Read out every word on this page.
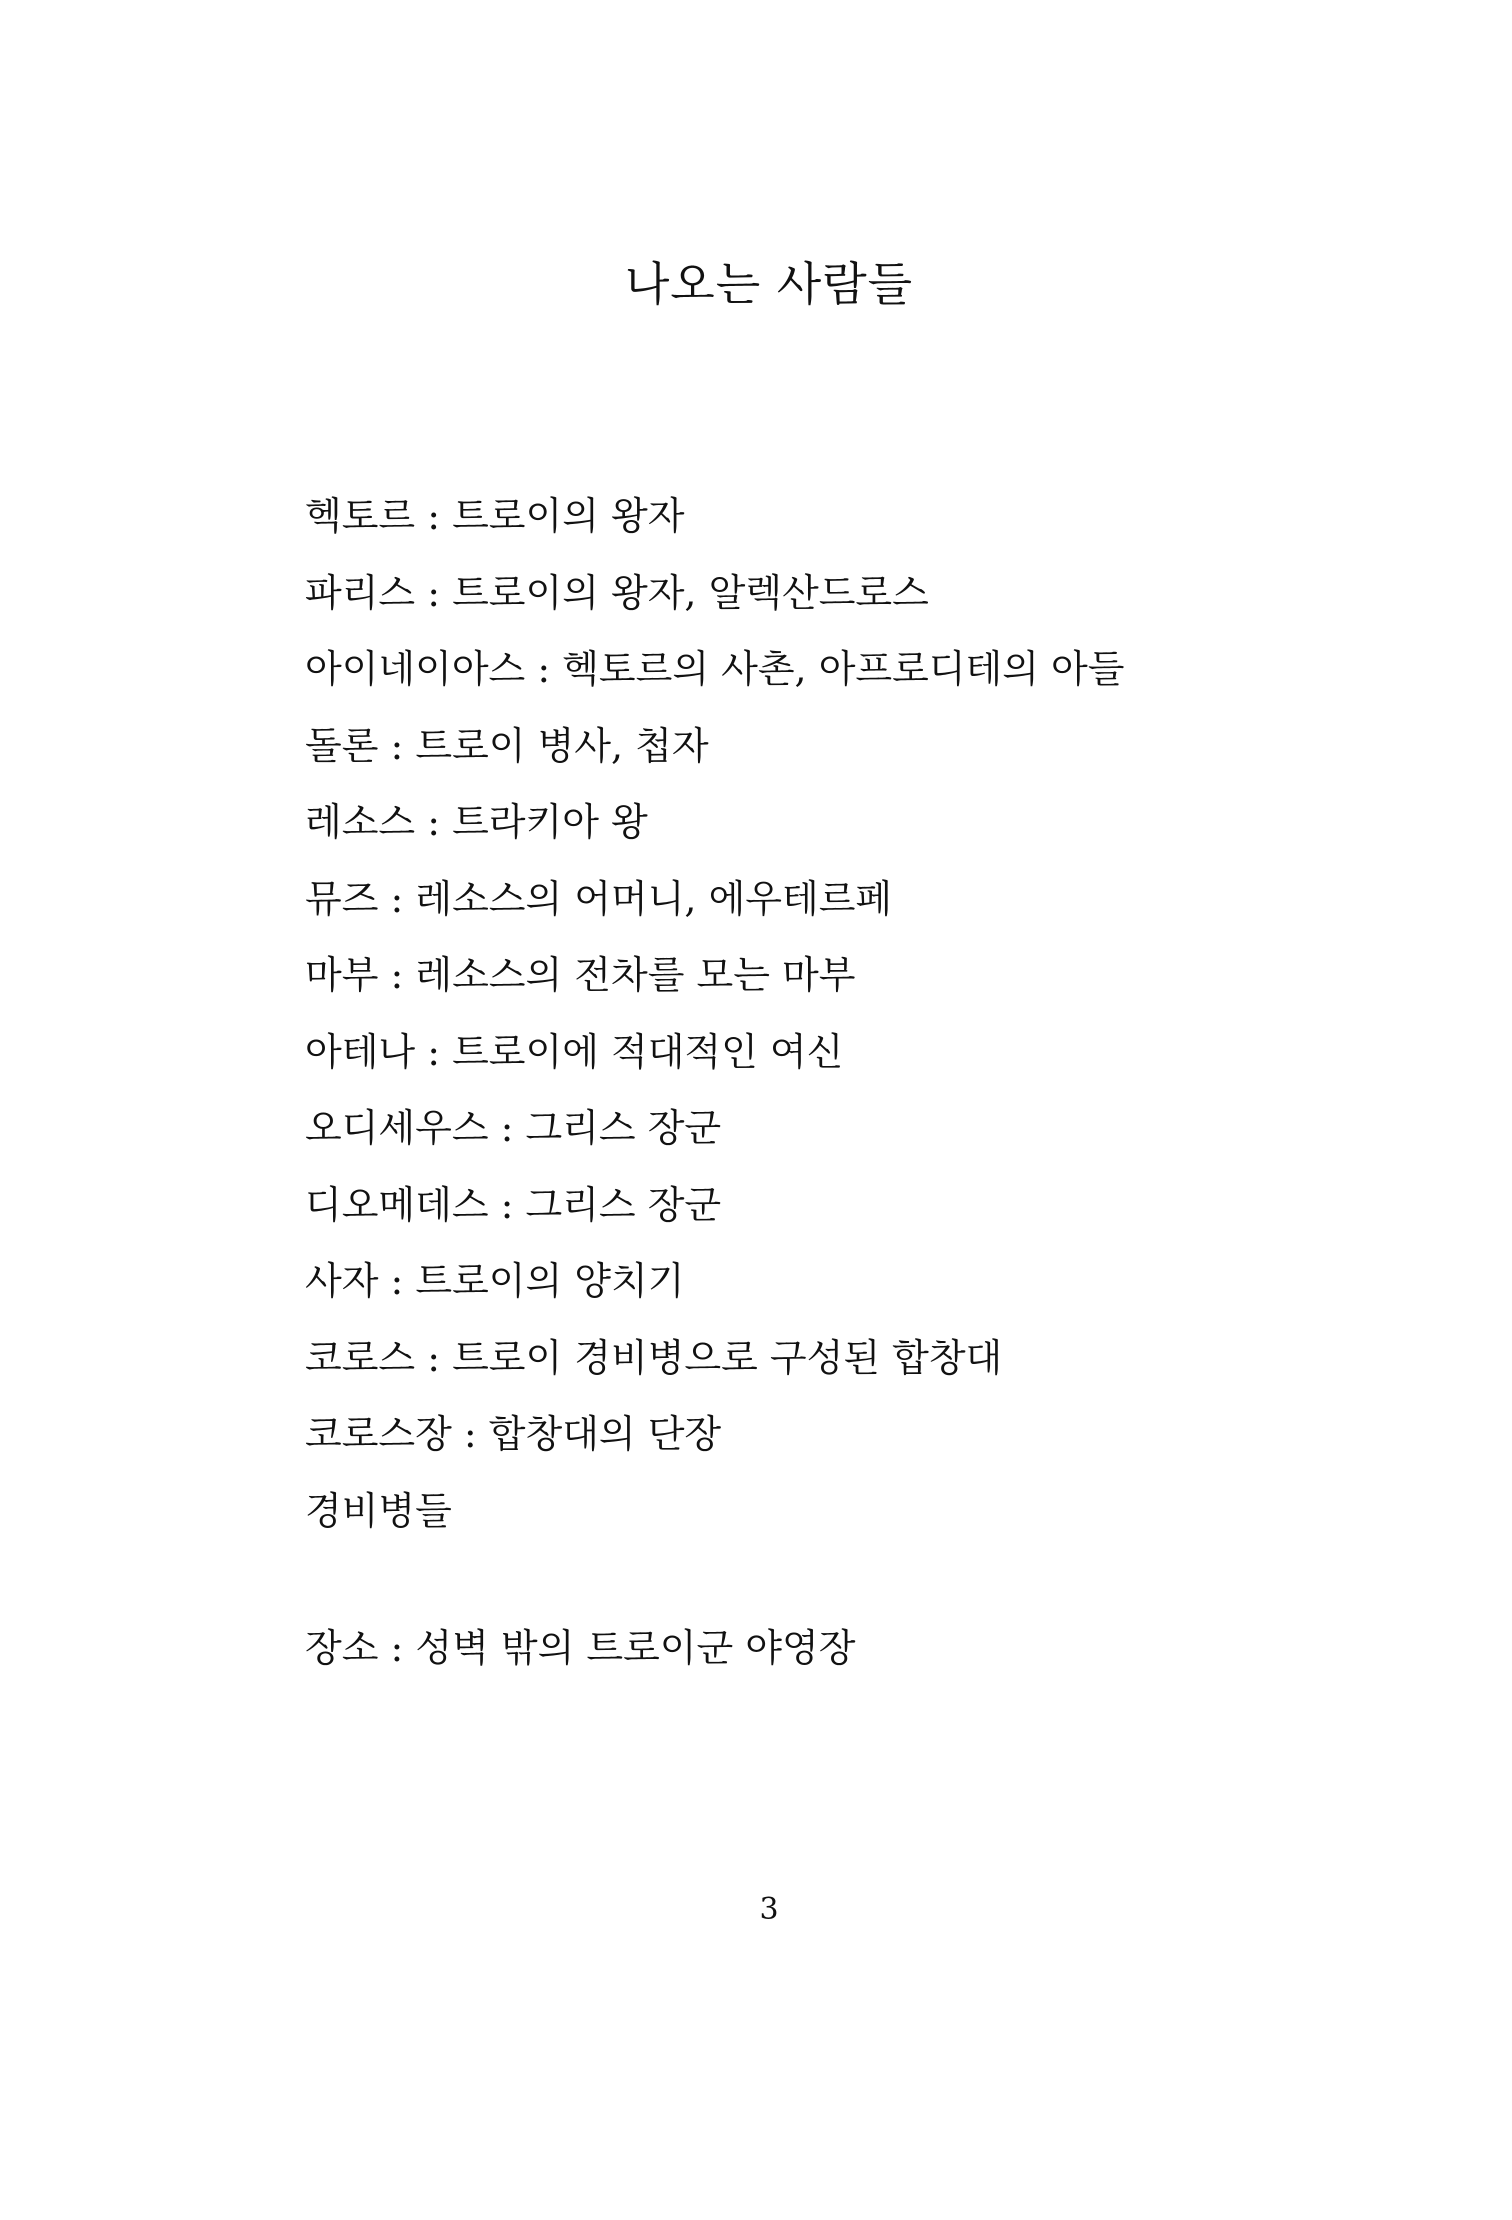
나오는 사람들
헥토르 : 트로이의 왕자
파리스 : 트로이의 왕자, 알렉산드로스
아이네이아스 : 헥토르의 사촌, 아프로디테의 아들
돌론 : 트로이 병사, 첩자
레소스 : 트라키아 왕
뮤즈 : 레소스의 어머니, 에우테르페
마부 : 레소스의 전차를 모는 마부
아테나 : 트로이에 적대적인 여신
오디세우스 : 그리스 장군
디오메데스 : 그리스 장군
사자 : 트로이의 양치기
코로스 : 트로이 경비병으로 구성된 합창대
코로스장 : 합창대의 단장
경비병들
장소 : 성벽 밖의 트로이군 야영장
3
